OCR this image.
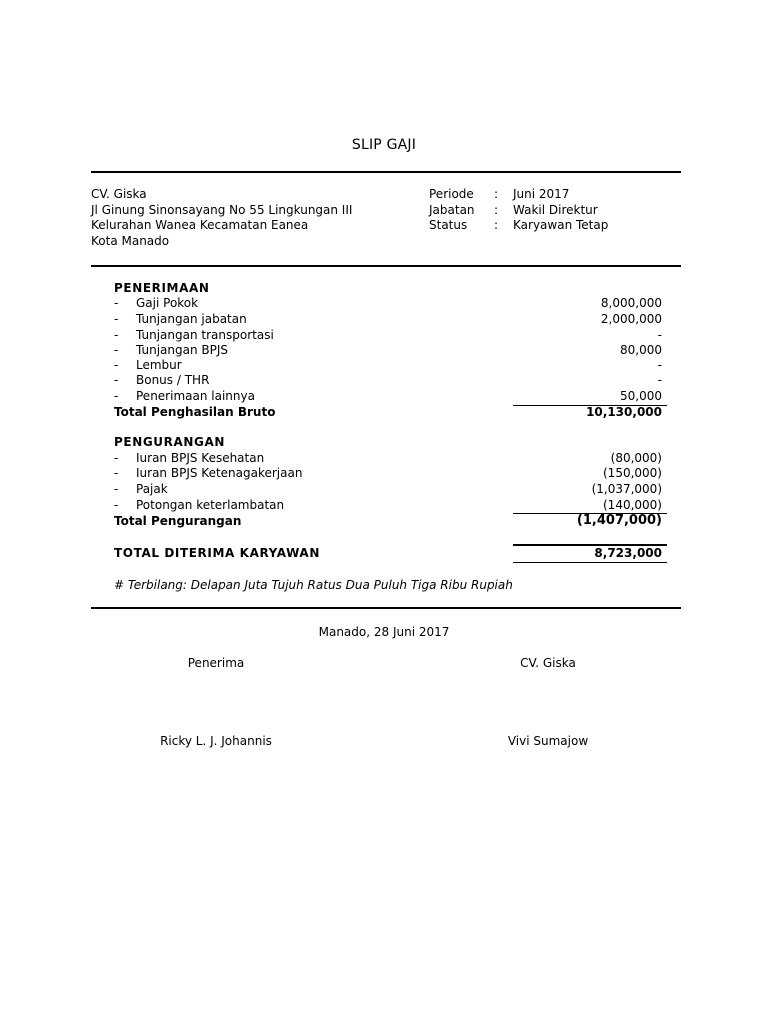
SLIP GAJI
CV. Giska
Jl Ginung Sinonsayang No 55 Lingkungan III
Kelurahan Wanea Kecamatan Eanea
Kota Manado
Periode : Juni 2017
Jabatan : Wakil Direktur
Status : Karyawan Tetap
PENERIMAAN
- Gaji Pokok	8,000,000
- Tunjangan jabatan	2,000,000
- Tunjangan transportasi	-
- Tunjangan BPJS	80,000
- Lembur	-
- Bonus / THR	-
- Penerimaan lainnya	50,000
Total Penghasilan Bruto	10,130,000
PENGURANGAN
- Iuran BPJS Kesehatan	(80,000)
- Iuran BPJS Ketenagakerjaan	(150,000)
- Pajak	(1,037,000)
- Potongan keterlambatan	(140,000)
Total Pengurangan	(1,407,000)
TOTAL DITERIMA KARYAWAN	8,723,000
# Terbilang: Delapan Juta Tujuh Ratus Dua Puluh Tiga Ribu Rupiah
Manado, 28 Juni 2017
Penerima	CV. Giska
Ricky L. J. Johannis	Vivi Sumajow
